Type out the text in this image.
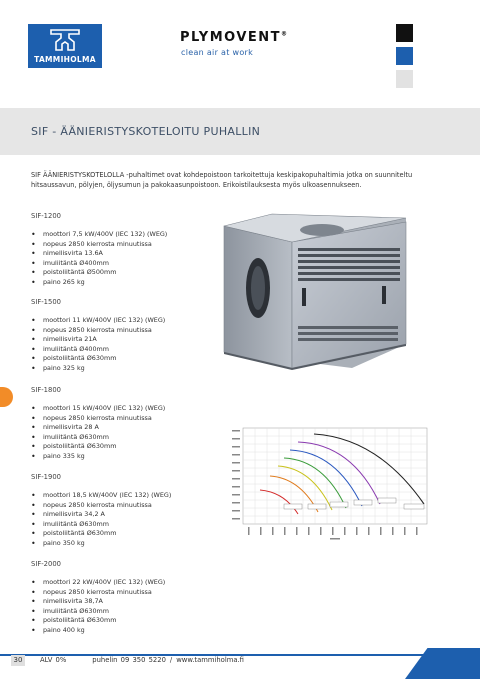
TAMMIHOLMA
PLYMOVENT®
clean air at work
SIF - ÄÄNIERISTYSKOTELOITU PUHALLIN
SIF ÄÄNIERISTYSKOTELOLLA -puhaltimet ovat kohdepoistoon tarkoitettuja keskipakopuhaltimia jotka on suunniteltu hitsaussavun, pölyjen, öljysumun ja pakokaasunpoistoon. Erikoistilauksesta myös ulkoasennukseen.
SIF-1200
• moottori 7,5 kW/400V (IEC 132) (WEG)
• nopeus 2850 kierrosta minuutissa
• nimellisvirta 13.6A
• imuliitäntä Ø400mm
• poistoliitäntä Ø500mm
• paino 265 kg
SIF-1500
• moottori 11 kW/400V (IEC 132) (WEG)
• nopeus 2850 kierrosta minuutissa
• nimellisvirta 21A
• imuliitäntä Ø400mm
• poistoliitäntä Ø630mm
• paino 325 kg
SIF-1800
• moottori 15 kW/400V (IEC 132) (WEG)
• nopeus 2850 kierrosta minuutissa
• nimellisvirta 28 A
• imuliitäntä Ø630mm
• poistoliitäntä Ø630mm
• paino 335 kg
SIF-1900
• moottori 18,5 kW/400V (IEC 132) (WEG)
• nopeus 2850 kierrosta minuutissa
• nimellisvirta 34,2 A
• imuliitäntä Ø630mm
• poistoliitäntä Ø630mm
• paino 350 kg
SIF-2000
• moottori 22 kW/400V (IEC 132) (WEG)
• nopeus 2850 kierrosta minuutissa
• nimellisvirta 38,7A
• imuliitäntä Ø630mm
• poistoliitäntä Ø630mm
• paino 400 kg
30	ALV 0%	puhelin 09 350 5220 / www.tammiholma.fi
